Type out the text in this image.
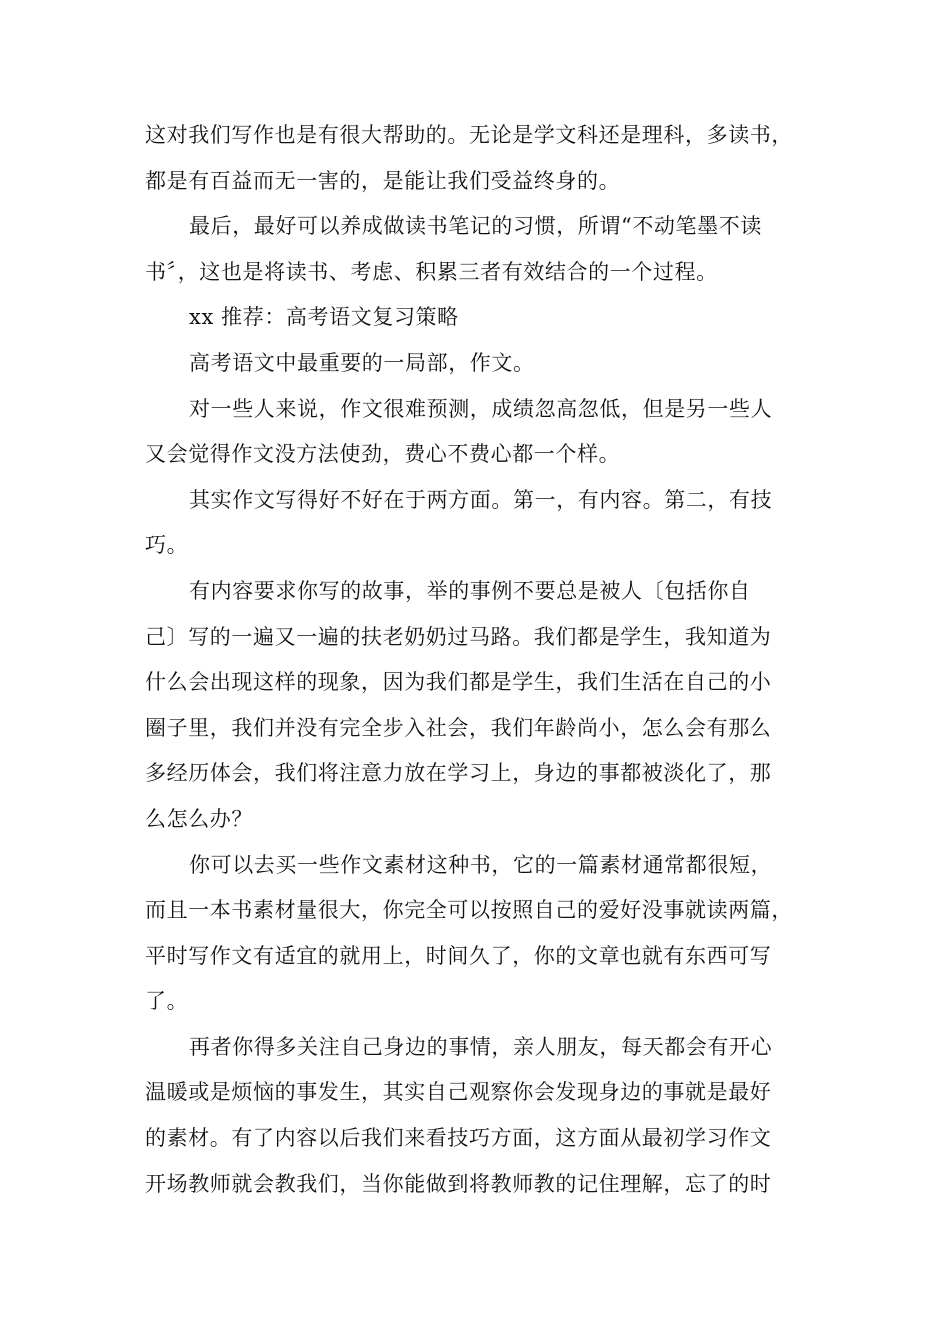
这对我们写作也是有很大帮助的。无论是学文科还是理科，多读书，
都是有百益而无一害的，是能让我们受益终身的。

最后，最好可以养成做读书笔记的习惯，所谓“不动笔墨不读
书〞，这也是将读书、考虑、积累三者有效结合的一个过程。

xx 推荐：高考语文复习策略

高考语文中最重要的一局部，作文。

对一些人来说，作文很难预测，成绩忽高忽低，但是另一些人
又会觉得作文没方法使劲，费心不费心都一个样。

其实作文写得好不好在于两方面。第一，有内容。第二，有技
巧。

有内容要求你写的故事，举的事例不要总是被人〔包括你自
己〕写的一遍又一遍的扶老奶奶过马路。我们都是学生，我知道为
什么会出现这样的现象，因为我们都是学生，我们生活在自己的小
圈子里，我们并没有完全步入社会，我们年龄尚小，怎么会有那么
多经历体会，我们将注意力放在学习上，身边的事都被淡化了，那
么怎么办？

你可以去买一些作文素材这种书，它的一篇素材通常都很短，
而且一本书素材量很大，你完全可以按照自己的爱好没事就读两篇，
平时写作文有适宜的就用上，时间久了，你的文章也就有东西可写
了。

再者你得多关注自己身边的事情，亲人朋友，每天都会有开心
温暖或是烦恼的事发生，其实自己观察你会发现身边的事就是最好
的素材。有了内容以后我们来看技巧方面，这方面从最初学习作文
开场教师就会教我们，当你能做到将教师教的记住理解，忘了的时
